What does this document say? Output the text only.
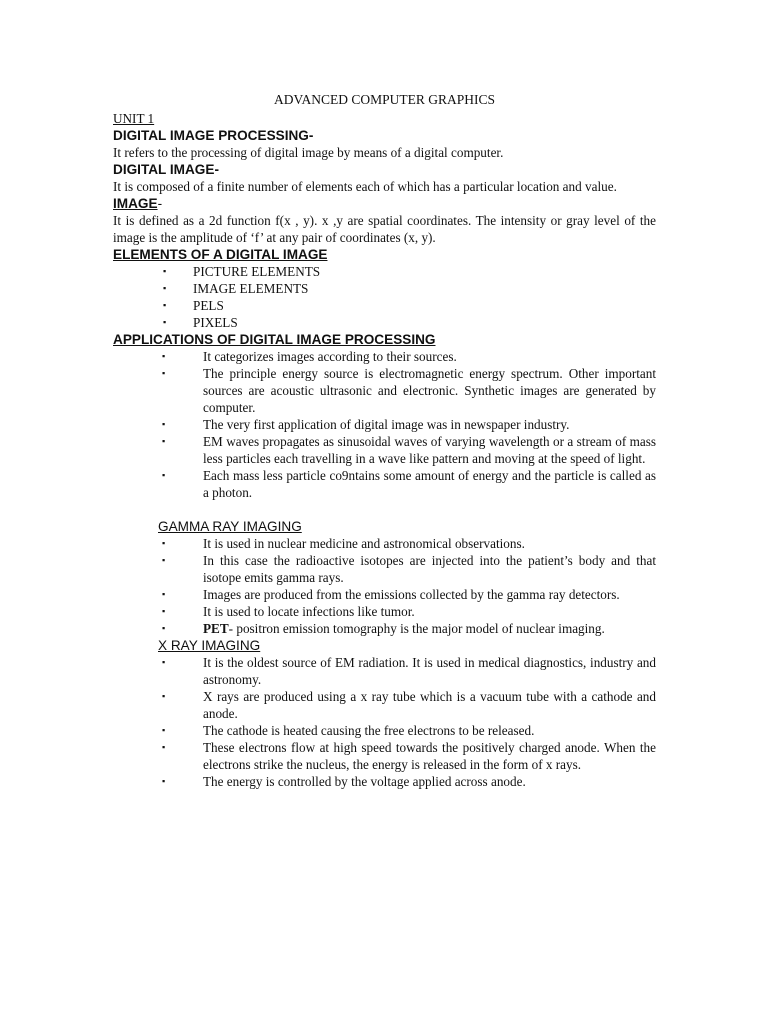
ADVANCED COMPUTER GRAPHICS
UNIT 1
DIGITAL IMAGE PROCESSING-

It refers to the processing of digital image by means of a digital computer.

DIGITAL IMAGE-

It is composed of a finite number of elements each of which has a particular location and value.

IMAGE-

It is defined as a 2d function f(x , y). x ,y are spatial coordinates. The intensity or gray level of the image is the amplitude of ‘f’ at any pair of coordinates (x, y).

ELEMENTS OF A DIGITAL IMAGE
▪ PICTURE ELEMENTS
▪ IMAGE ELEMENTS
▪ PELS
▪ PIXELS
APPLICATIONS OF DIGITAL IMAGE PROCESSING
▪	It categorizes images according to their sources.
▪	The principle energy source is electromagnetic energy spectrum. Other important sources are acoustic ultrasonic and electronic. Synthetic images are generated by computer.
▪	The very first application of digital image was in newspaper industry.
▪	EM waves propagates as sinusoidal waves of varying wavelength or a stream of mass less particles each travelling in a wave like pattern and moving at the speed of light.
▪	Each mass less particle co9ntains some amount of energy and the particle is called as a photon.
GAMMA RAY IMAGING
▪	It is used in nuclear medicine and astronomical observations.
▪	In this case the radioactive isotopes are injected into the patient’s body and that isotope emits gamma rays.
▪	Images are produced from the emissions collected by the gamma ray detectors.
▪	It is used to locate infections like tumor.
▪	PET- positron emission tomography is the major model of nuclear imaging.
X RAY IMAGING
▪	It is the oldest source of EM radiation. It is used in medical diagnostics, industry and astronomy.
▪	X rays are produced using a x ray tube which is a vacuum tube with a cathode and anode.
▪	The cathode is heated causing the free electrons to be released.
▪	These electrons flow at high speed towards the positively charged anode. When the electrons strike the nucleus, the energy is released in the form of x rays.
▪	The energy is controlled by the voltage applied across anode.
